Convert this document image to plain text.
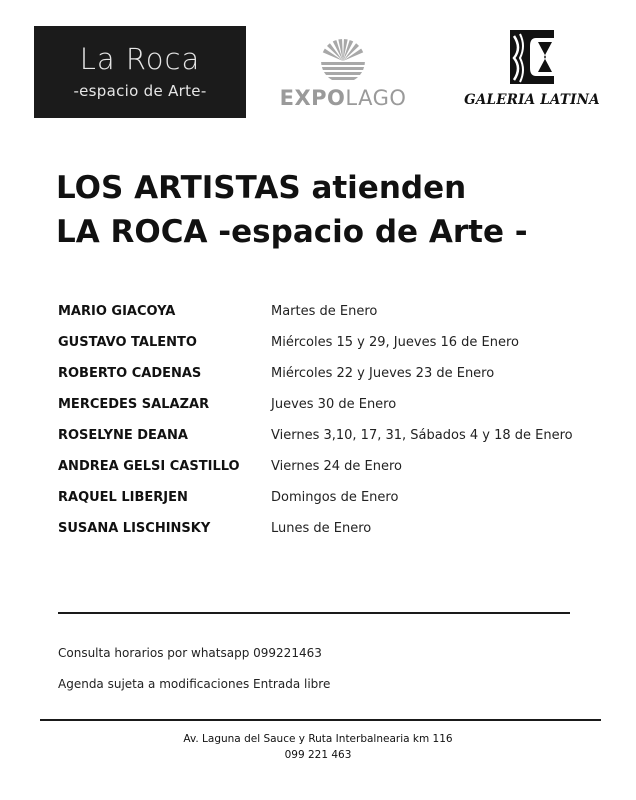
La Roca
-espacio de Arte-	EXPOLAGO	GALERIA LATINA
LOS ARTISTAS atienden
LA ROCA -espacio de Arte -
MARIO GIACOYA	Martes de Enero
GUSTAVO TALENTO	Miércoles 15 y 29, Jueves 16 de Enero
ROBERTO CADENAS	Miércoles 22 y Jueves 23 de Enero
MERCEDES SALAZAR	Jueves 30 de Enero
ROSELYNE DEANA	Viernes 3,10, 17, 31, Sábados 4 y 18 de Enero
ANDREA GELSI CASTILLO Viernes 24 de Enero
RAQUEL LIBERJEN	Domingos de Enero
SUSANA LISCHINSKY	Lunes de Enero
Consulta horarios por whatsapp 099221463
Agenda sujeta a modificaciones Entrada libre
Av. Laguna del Sauce y Ruta Interbalnearia km 116
099 221 463
